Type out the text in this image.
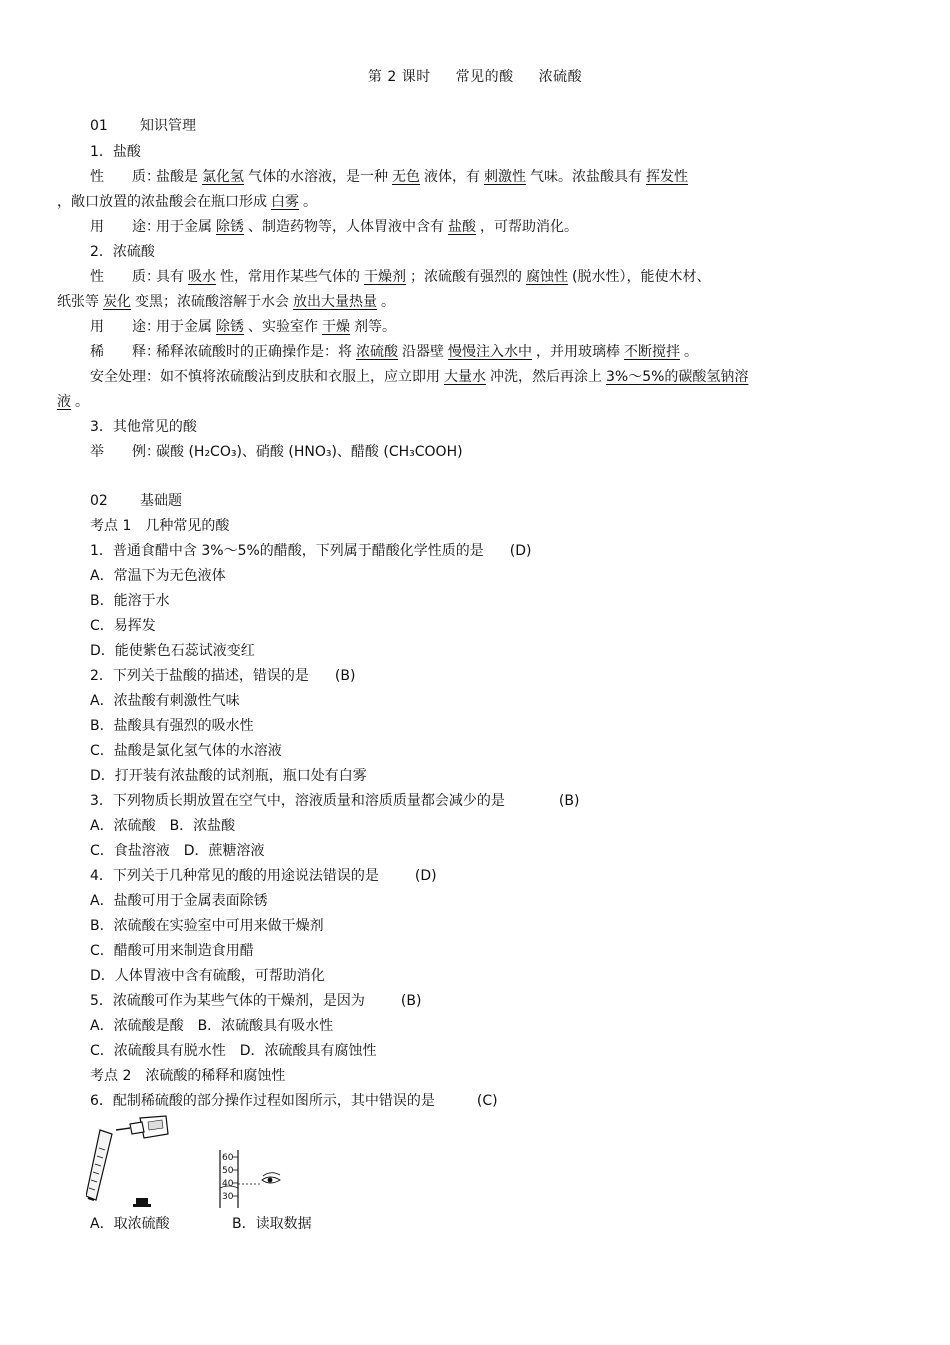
第 2 课时 常见的酸 浓硫酸
01 知识管理
1．盐酸
性　　质：盐酸是 氯化氢 气体的水溶液，是一种 无色 液体，有 刺激性 气味。浓盐酸具有 挥发性
，敞口放置的浓盐酸会在瓶口形成 白雾 。
用　　途：用于金属 除锈 、制造药物等，人体胃液中含有 盐酸 ，可帮助消化。
2．浓硫酸
性　　质：具有 吸水 性，常用作某些气体的 干燥剂 ；浓硫酸有强烈的 腐蚀性 (脱水性），能使木材、
纸张等 炭化 变黑；浓硫酸溶解于水会 放出大量热量 。
用　　途：用于金属 除锈 、实验室作 干燥 剂等。
稀　　释：稀释浓硫酸时的正确操作是：将 浓硫酸 沿器壁 慢慢注入水中 ，并用玻璃棒 不断搅拌 。
安全处理：如不慎将浓硫酸沾到皮肤和衣服上，应立即用 大量水 冲洗，然后再涂上 3%～5%的碳酸氢钠溶
液 。
3．其他常见的酸
举　　例：碳酸 (H₂CO₃)、硝酸 (HNO₃)、醋酸 (CH₃COOH)
02 基础题
考点 1　几种常见的酸
1．普通食醋中含 3%～5%的醋酸，下列属于醋酸化学性质的是 (D)
A．常温下为无色液体
B．能溶于水
C．易挥发
D．能使紫色石蕊试液变红
2．下列关于盐酸的描述，错误的是 (B)
A．浓盐酸有刺激性气味
B．盐酸具有强烈的吸水性
C．盐酸是氯化氢气体的水溶液
D．打开装有浓盐酸的试剂瓶，瓶口处有白雾
3．下列物质长期放置在空气中，溶液质量和溶质质量都会减少的是	(B)
A．浓硫酸　B．浓盐酸
C．食盐溶液　D．蔗糖溶液
4．下列关于几种常见的酸的用途说法错误的是	(D)
A．盐酸可用于金属表面除锈
B．浓硫酸在实验室中可用来做干燥剂
C．醋酸可用来制造食用醋
D．人体胃液中含有硫酸，可帮助消化
5．浓硫酸可作为某些气体的干燥剂，是因为	(B)
A．浓硫酸是酸　B．浓硫酸具有吸水性
C．浓硫酸具有脱水性　D．浓硫酸具有腐蚀性
考点 2　浓硫酸的稀释和腐蚀性
6．配制稀硫酸的部分操作过程如图所示，其中错误的是	(C)
60
50
40
30
A．取浓硫酸	B．读取数据
